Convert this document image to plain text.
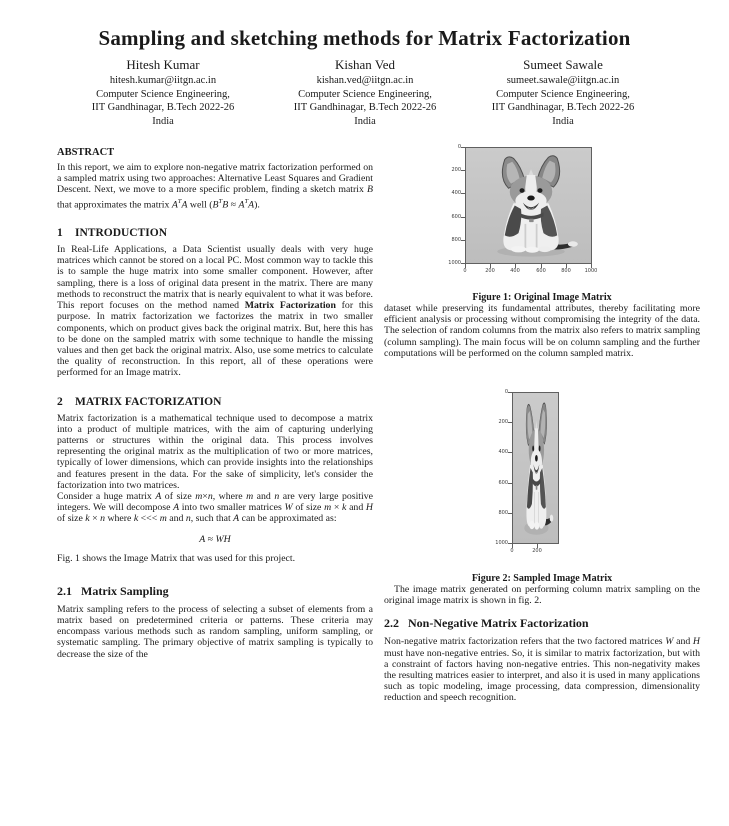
Sampling and sketching methods for Matrix Factorization
Hitesh Kumar
hitesh.kumar@iitgn.ac.in
Computer Science Engineering,
IIT Gandhinagar, B.Tech 2022-26
India
Kishan Ved
kishan.ved@iitgn.ac.in
Computer Science Engineering,
IIT Gandhinagar, B.Tech 2022-26
India
Sumeet Sawale
sumeet.sawale@iitgn.ac.in
Computer Science Engineering,
IIT Gandhinagar, B.Tech 2022-26
India
ABSTRACT

In this report, we aim to explore non-negative matrix factorization performed on a sampled matrix using two approaches: Alternative Least Squares and Gradient Descent. Next, we move to a more specific problem, finding a sketch matrix B that approximates the matrix $A^TA$ well $(B^TB \approx A^TA)$.

1 INTRODUCTION

In Real-Life Applications, a Data Scientist usually deals with very huge matrices which cannot be stored on a local PC. Most common way to tackle this is to sample the huge matrix into some smaller component. However, after sampling, there is a loss of original data present in the matrix. There are many methods to reconstruct the matrix that is nearly equivalent to what it was before. This report focuses on the method named Matrix Factorization for this purpose. In matrix factorization we factorizes the matrix in two smaller components, which on product gives back the original matrix. But, here this has to be done on the sampled matrix with some technique to handle the missing values and then get back the original matrix. Also, use some metrics to calculate the quality of reconstruction. In this report, all of these operations were performed for an Image matrix.

2 MATRIX FACTORIZATION

Matrix factorization is a mathematical technique used to decompose a matrix into a product of multiple matrices, with the aim of capturing underlying patterns or structures within the original data. This process involves representing the original matrix as the multiplication of two or more matrices, typically of lower dimensions, which can provide insights into the relationships and features present in the data. For the sake of simplicity, let's consider the factorization into two matrices.

Consider a huge matrix A of size m×n, where m and n are very large positive integers. We will decompose A into two smaller matrices W of size m × k and H of size k × n where k <<< m and n, such that A can be approximated as:

A ≈ WH

Fig. 1 shows the Image Matrix that was used for this project.

2.1 Matrix Sampling

Matrix sampling refers to the process of selecting a subset of elements from a matrix based on predetermined criteria or patterns. These criteria may encompass various methods such as random sampling, uniform sampling, or systematic sampling. The primary objective of matrix sampling is typically to decrease the size of the

0
200
400
600
800
1000
0	200	400	600	800	1000

Figure 1: Original Image Matrix

dataset while preserving its fundamental attributes, thereby facilitating more efficient analysis or processing without compromising the integrity of the data. The selection of random columns from the matrix also refers to matrix sampling (column sampling). The main focus will be on column sampling and the further computations will be performed on the column sampled matrix.

0
200
400
600
800
1000
0	200

Figure 2: Sampled Image Matrix

The image matrix generated on performing column matrix sampling on the original image matrix is shown in fig. 2.

2.2 Non-Negative Matrix Factorization

Non-negative matrix factorization refers that the two factored matrices W and H must have non-negative entries. So, it is similar to matrix factorization, but with a constraint of factors having non-negative entries. This non-negativity makes the resulting matrices easier to interpret, and also it is used in many applications such as topic modeling, image processing, data compression, dimensionality reduction and speech recognition.
